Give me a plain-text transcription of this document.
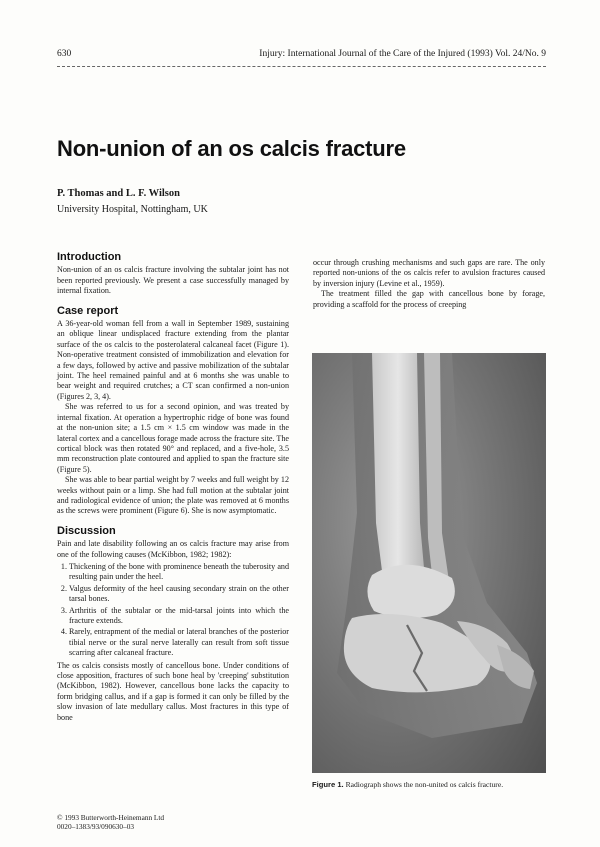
630	Injury: International Journal of the Care of the Injured (1993) Vol. 24/No. 9
Non-union of an os calcis fracture
P. Thomas and L. F. Wilson
University Hospital, Nottingham, UK
Introduction

Non-union of an os calcis fracture involving the subtalar joint has not been reported previously. We present a case successfully managed by internal fixation.

Case report

A 36-year-old woman fell from a wall in September 1989, sustaining an oblique linear undisplaced fracture extending from the plantar surface of the os calcis to the posterolateral calcaneal facet (Figure 1). Non-operative treatment consisted of immobilization and elevation for a few days, followed by active and passive mobilization of the subtalar joint. The heel remained painful and at 6 months she was unable to bear weight and required crutches; a CT scan confirmed a non-union (Figures 2, 3, 4).

She was referred to us for a second opinion, and was treated by internal fixation. At operation a hypertrophic ridge of bone was found at the non-union site; a 1.5 cm × 1.5 cm window was made in the lateral cortex and a cancellous forage made across the fracture site. The cortical block was then rotated 90° and replaced, and a five-hole, 3.5 mm reconstruction plate contoured and applied to span the fracture site (Figure 5).

She was able to bear partial weight by 7 weeks and full weight by 12 weeks without pain or a limp. She had full motion at the subtalar joint and radiological evidence of union; the plate was removed at 6 months as the screws were prominent (Figure 6). She is now asymptomatic.

Discussion

Pain and late disability following an os calcis fracture may arise from one of the following causes (McKibbon, 1982; 1982):

1. Thickening of the bone with prominence beneath the tuberosity and resulting pain under the heel.
2. Valgus deformity of the heel causing secondary strain on the other tarsal bones.
3. Arthritis of the subtalar or the mid-tarsal joints into which the fracture extends.
4. Rarely, entrapment of the medial or lateral branches of the posterior tibial nerve or the sural nerve laterally can result from soft tissue scarring after calcaneal fracture.

The os calcis consists mostly of cancellous bone. Under conditions of close apposition, fractures of such bone heal by 'creeping' substitution (McKibbon, 1982). However, cancellous bone lacks the capacity to form bridging callus, and if a gap is formed it can only be filled by the slow invasion of late medullary callus. Most fractures in this type of bone

© 1993 Butterworth-Heinemann Ltd
0020–1383/93/090630–03

occur through crushing mechanisms and such gaps are rare. The only reported non-unions of the os calcis refer to avulsion fractures caused by inversion injury (Levine et al., 1959).

The treatment filled the gap with cancellous bone by forage, providing a scaffold for the process of creeping

Figure 1. Radiograph shows the non-united os calcis fracture.
